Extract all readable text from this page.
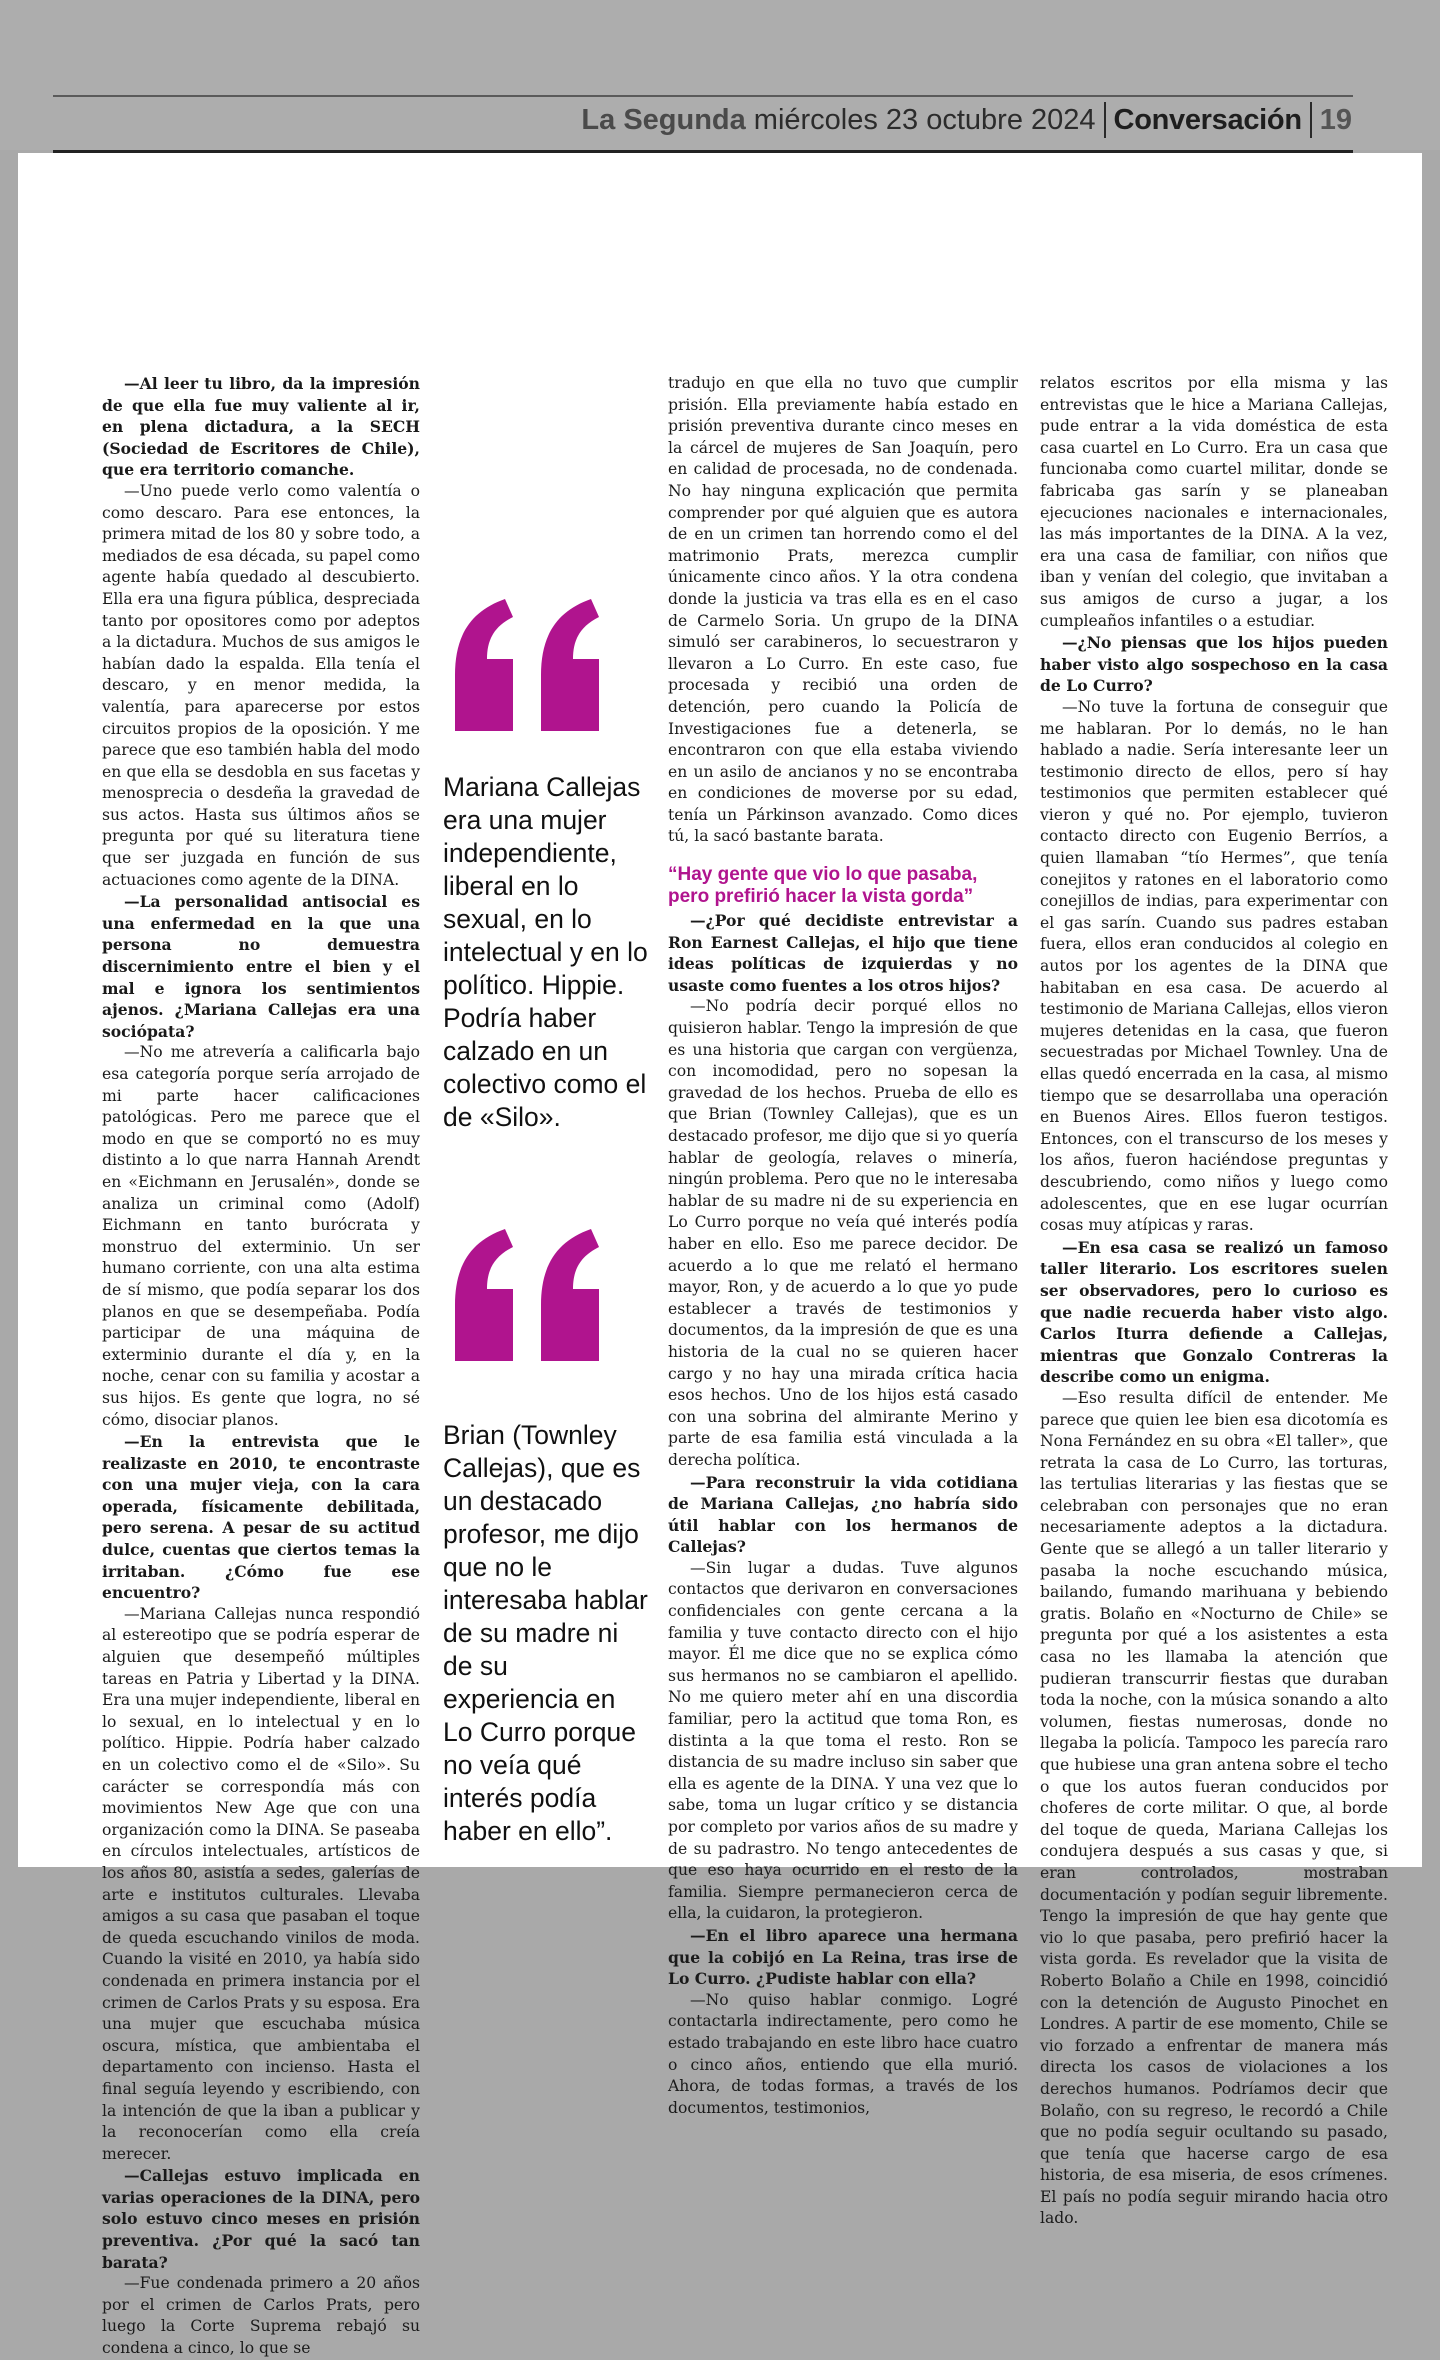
La Segunda miércoles 23 octubre 2024 Conversación 19

—Al leer tu libro, da la impresión de que ella fue muy valiente al ir, en plena dictadura, a la SECH (Sociedad de Escritores de Chile), que era territorio comanche.

—Uno puede verlo como valentía o como descaro. Para ese entonces, la primera mitad de los 80 y sobre todo, a mediados de esa década, su papel como agente había quedado al descubierto. Ella era una figura pública, despreciada tanto por opositores como por adeptos a la dictadura. Muchos de sus amigos le habían dado la espalda. Ella tenía el descaro, y en menor medida, la valentía, para aparecerse por estos circuitos propios de la oposición. Y me parece que eso también habla del modo en que ella se desdobla en sus facetas y menosprecia o desdeña la gravedad de sus actos. Hasta sus últimos años se pregunta por qué su literatura tiene que ser juzgada en función de sus actuaciones como agente de la DINA.

—La personalidad antisocial es una enfermedad en la que una persona no demuestra discernimiento entre el bien y el mal e ignora los sentimientos ajenos. ¿Mariana Callejas era una sociópata?

—No me atrevería a calificarla bajo esa categoría porque sería arrojado de mi parte hacer calificaciones patológicas. Pero me parece que el modo en que se comportó no es muy distinto a lo que narra Hannah Arendt en «Eichmann en Jerusalén», donde se analiza un criminal como (Adolf) Eichmann en tanto burócrata y monstruo del exterminio. Un ser humano corriente, con una alta estima de sí mismo, que podía separar los dos planos en que se desempeñaba. Podía participar de una máquina de exterminio durante el día y, en la noche, cenar con su familia y acostar a sus hijos. Es gente que logra, no sé cómo, disociar planos.

—En la entrevista que le realizaste en 2010, te encontraste con una mujer vieja, con la cara operada, físicamente debilitada, pero serena. A pesar de su actitud dulce, cuentas que ciertos temas la irritaban. ¿Cómo fue ese encuentro?

—Mariana Callejas nunca respondió al estereotipo que se podría esperar de alguien que desempeñó múltiples tareas en Patria y Libertad y la DINA. Era una mujer independiente, liberal en lo sexual, en lo intelectual y en lo político. Hippie. Podría haber calzado en un colectivo como el de «Silo». Su carácter se correspondía más con movimientos New Age que con una organización como la DINA. Se paseaba en círculos intelectuales, artísticos de los años 80, asistía a sedes, galerías de arte e institutos culturales. Llevaba amigos a su casa que pasaban el toque de queda escuchando vinilos de moda. Cuando la visité en 2010, ya había sido condenada en primera instancia por el crimen de Carlos Prats y su esposa. Era una mujer que escuchaba música oscura, mística, que ambientaba el departamento con incienso. Hasta el final seguía leyendo y escribiendo, con la intención de que la iban a publicar y la reconocerían como ella creía merecer.

—Callejas estuvo implicada en varias operaciones de la DINA, pero solo estuvo cinco meses en prisión preventiva. ¿Por qué la sacó tan barata?

—Fue condenada primero a 20 años por el crimen de Carlos Prats, pero luego la Corte Suprema rebajó su condena a cinco, lo que se

tradujo en que ella no tuvo que cumplir prisión. Ella previamente había estado en prisión preventiva durante cinco meses en la cárcel de mujeres de San Joaquín, pero en calidad de procesada, no de condenada. No hay ninguna explicación que permita comprender por qué alguien que es autora de en un crimen tan horrendo como el del matrimonio Prats, merezca cumplir únicamente cinco años. Y la otra condena donde la justicia va tras ella es en el caso de Carmelo Soria. Un grupo de la DINA simuló ser carabineros, lo secuestraron y llevaron a Lo Curro. En este caso, fue procesada y recibió una orden de detención, pero cuando la Policía de Investigaciones fue a detenerla, se encontraron con que ella estaba viviendo en un asilo de ancianos y no se encontraba en condiciones de moverse por su edad, tenía un Párkinson avanzado. Como dices tú, la sacó bastante barata.

“Hay gente que vio lo que pasaba, pero prefirió hacer la vista gorda”

—¿Por qué decidiste entrevistar a Ron Earnest Callejas, el hijo que tiene ideas políticas de izquierdas y no usaste como fuentes a los otros hijos?

—No podría decir porqué ellos no quisieron hablar. Tengo la impresión de que es una historia que cargan con vergüenza, con incomodidad, pero no sopesan la gravedad de los hechos. Prueba de ello es que Brian (Townley Callejas), que es un destacado profesor, me dijo que si yo quería hablar de geología, relaves o minería, ningún problema. Pero que no le interesaba hablar de su madre ni de su experiencia en Lo Curro porque no veía qué interés podía haber en ello. Eso me parece decidor. De acuerdo a lo que me relató el hermano mayor, Ron, y de acuerdo a lo que yo pude establecer a través de testimonios y documentos, da la impresión de que es una historia de la cual no se quieren hacer cargo y no hay una mirada crítica hacia esos hechos. Uno de los hijos está casado con una sobrina del almirante Merino y parte de esa familia está vinculada a la derecha política.

—Para reconstruir la vida cotidiana de Mariana Callejas, ¿no habría sido útil hablar con los hermanos de Callejas?

—Sin lugar a dudas. Tuve algunos contactos que derivaron en conversaciones confidenciales con gente cercana a la familia y tuve contacto directo con el hijo mayor. Él me dice que no se explica cómo sus hermanos no se cambiaron el apellido. No me quiero meter ahí en una discordia familiar, pero la actitud que toma Ron, es distinta a la que toma el resto. Ron se distancia de su madre incluso sin saber que ella es agente de la DINA. Y una vez que lo sabe, toma un lugar crítico y se distancia por completo por varios años de su madre y de su padrastro. No tengo antecedentes de que eso haya ocurrido en el resto de la familia. Siempre permanecieron cerca de ella, la cuidaron, la protegieron.

—En el libro aparece una hermana que la cobijó en La Reina, tras irse de Lo Curro. ¿Pudiste hablar con ella?

—No quiso hablar conmigo. Logré contactarla indirectamente, pero como he estado trabajando en este libro hace cuatro o cinco años, entiendo que ella murió. Ahora, de todas formas, a través de los documentos, testimonios,

relatos escritos por ella misma y las entrevistas que le hice a Mariana Callejas, pude entrar a la vida doméstica de esta casa cuartel en Lo Curro. Era un casa que funcionaba como cuartel militar, donde se fabricaba gas sarín y se planeaban ejecuciones nacionales e internacionales, las más importantes de la DINA. A la vez, era una casa de familiar, con niños que iban y venían del colegio, que invitaban a sus amigos de curso a jugar, a los cumpleaños infantiles o a estudiar.

—¿No piensas que los hijos pueden haber visto algo sospechoso en la casa de Lo Curro?

—No tuve la fortuna de conseguir que me hablaran. Por lo demás, no le han hablado a nadie. Sería interesante leer un testimonio directo de ellos, pero sí hay testimonios que permiten establecer qué vieron y qué no. Por ejemplo, tuvieron contacto directo con Eugenio Berríos, a quien llamaban “tío Hermes”, que tenía conejitos y ratones en el laboratorio como conejillos de indias, para experimentar con el gas sarín. Cuando sus padres estaban fuera, ellos eran conducidos al colegio en autos por los agentes de la DINA que habitaban en esa casa. De acuerdo al testimonio de Mariana Callejas, ellos vieron mujeres detenidas en la casa, que fueron secuestradas por Michael Townley. Una de ellas quedó encerrada en la casa, al mismo tiempo que se desarrollaba una operación en Buenos Aires. Ellos fueron testigos. Entonces, con el transcurso de los meses y los años, fueron haciéndose preguntas y descubriendo, como niños y luego como adolescentes, que en ese lugar ocurrían cosas muy atípicas y raras.

—En esa casa se realizó un famoso taller literario. Los escritores suelen ser observadores, pero lo curioso es que nadie recuerda haber visto algo. Carlos Iturra defiende a Callejas, mientras que Gonzalo Contreras la describe como un enigma.

—Eso resulta difícil de entender. Me parece que quien lee bien esa dicotomía es Nona Fernández en su obra «El taller», que retrata la casa de Lo Curro, las torturas, las tertulias literarias y las fiestas que se celebraban con personajes que no eran necesariamente adeptos a la dictadura. Gente que se allegó a un taller literario y pasaba la noche escuchando música, bailando, fumando marihuana y bebiendo gratis. Bolaño en «Nocturno de Chile» se pregunta por qué a los asistentes a esta casa no les llamaba la atención que pudieran transcurrir fiestas que duraban toda la noche, con la música sonando a alto volumen, fiestas numerosas, donde no llegaba la policía. Tampoco les parecía raro que hubiese una gran antena sobre el techo o que los autos fueran conducidos por choferes de corte militar. O que, al borde del toque de queda, Mariana Callejas los condujera después a sus casas y que, si eran controlados, mostraban documentación y podían seguir libremente. Tengo la impresión de que hay gente que vio lo que pasaba, pero prefirió hacer la vista gorda. Es revelador que la visita de Roberto Bolaño a Chile en 1998, coincidió con la detención de Augusto Pinochet en Londres. A partir de ese momento, Chile se vio forzado a enfrentar de manera más directa los casos de violaciones a los derechos humanos. Podríamos decir que Bolaño, con su regreso, le recordó a Chile que no podía seguir ocultando su pasado, que tenía que hacerse cargo de esa historia, de esa miseria, de esos crímenes. El país no podía seguir mirando hacia otro lado.

Mariana Callejas era una mujer independiente, liberal en lo sexual, en lo intelectual y en lo político. Hippie. Podría haber calzado en un colectivo como el de «Silo».
Brian (Townley Callejas), que es un destacado profesor, me dijo que no le interesaba hablar de su madre ni de su experiencia en Lo Curro porque no veía qué interés podía haber en ello”.
